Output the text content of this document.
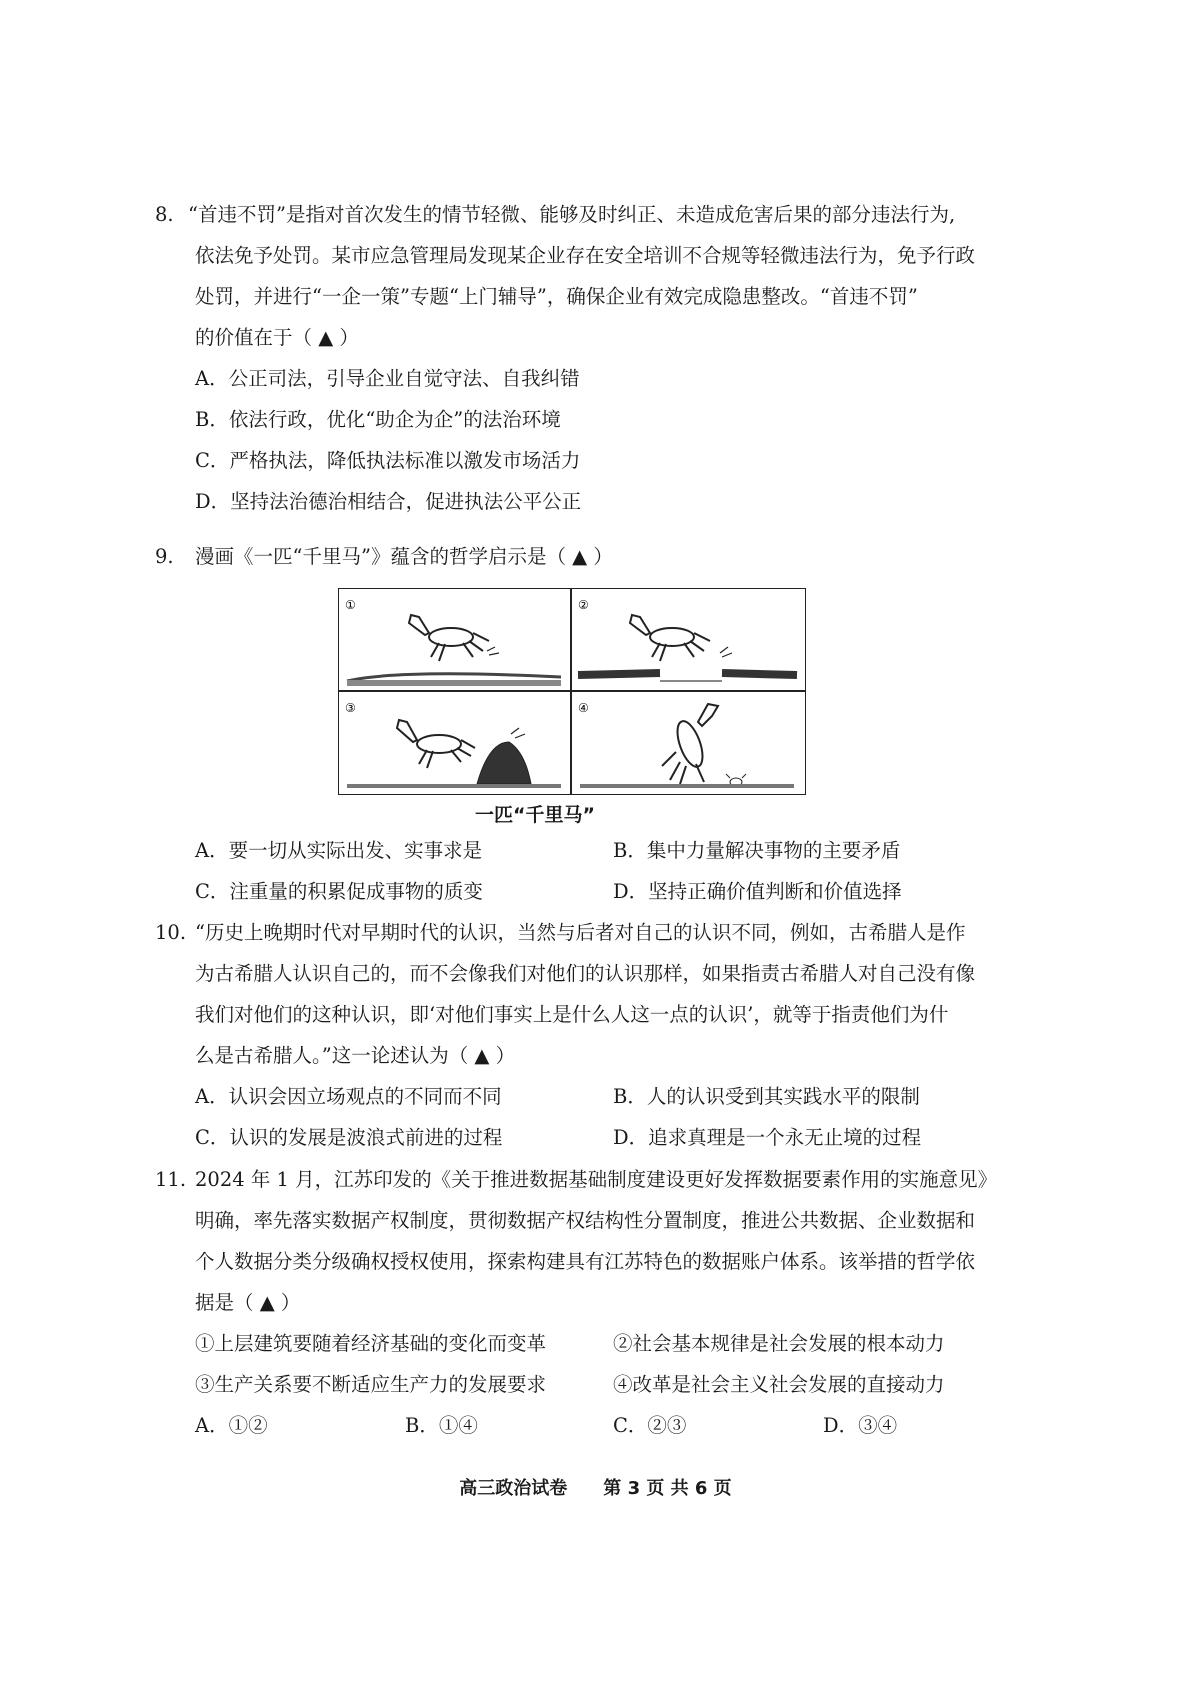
8. “首违不罚”是指对首次发生的情节轻微、能够及时纠正、未造成危害后果的部分违法行为,
依法免予处罚。某市应急管理局发现某企业存在安全培训不合规等轻微违法行为，免予行政
处罚，并进行“一企一策”专题“上门辅导”，确保企业有效完成隐患整改。“首违不罚”
的价值在于（ ▲ ）
A．公正司法，引导企业自觉守法、自我纠错
B．依法行政，优化“助企为企”的法治环境
C．严格执法，降低执法标准以激发市场活力
D．坚持法治德治相结合，促进执法公平公正
9. 漫画《一匹“千里马”》蕴含的哲学启示是（ ▲ ）
①	②
③	④
一匹“千里马”
A．要一切从实际出发、实事求是	B．集中力量解决事物的主要矛盾
C．注重量的积累促成事物的质变	D．坚持正确价值判断和价值选择
10. “历史上晚期时代对早期时代的认识，当然与后者对自己的认识不同，例如，古希腊人是作
为古希腊人认识自己的，而不会像我们对他们的认识那样，如果指责古希腊人对自己没有像
我们对他们的这种认识，即‘对他们事实上是什么人这一点的认识’，就等于指责他们为什
么是古希腊人。”这一论述认为（ ▲ ）
A．认识会因立场观点的不同而不同	B．人的认识受到其实践水平的限制
C．认识的发展是波浪式前进的过程	D．追求真理是一个永无止境的过程
11. 2024 年 1 月，江苏印发的《关于推进数据基础制度建设更好发挥数据要素作用的实施意见》
明确，率先落实数据产权制度，贯彻数据产权结构性分置制度，推进公共数据、企业数据和
个人数据分类分级确权授权使用，探索构建具有江苏特色的数据账户体系。该举措的哲学依
据是（ ▲ ）
①上层建筑要随着经济基础的变化而变革	②社会基本规律是社会发展的根本动力
③生产关系要不断适应生产力的发展要求	④改革是社会主义社会发展的直接动力
A．①②	B．①④	C．②③	D．③④
高三政治试卷　　第 3 页 共 6 页
